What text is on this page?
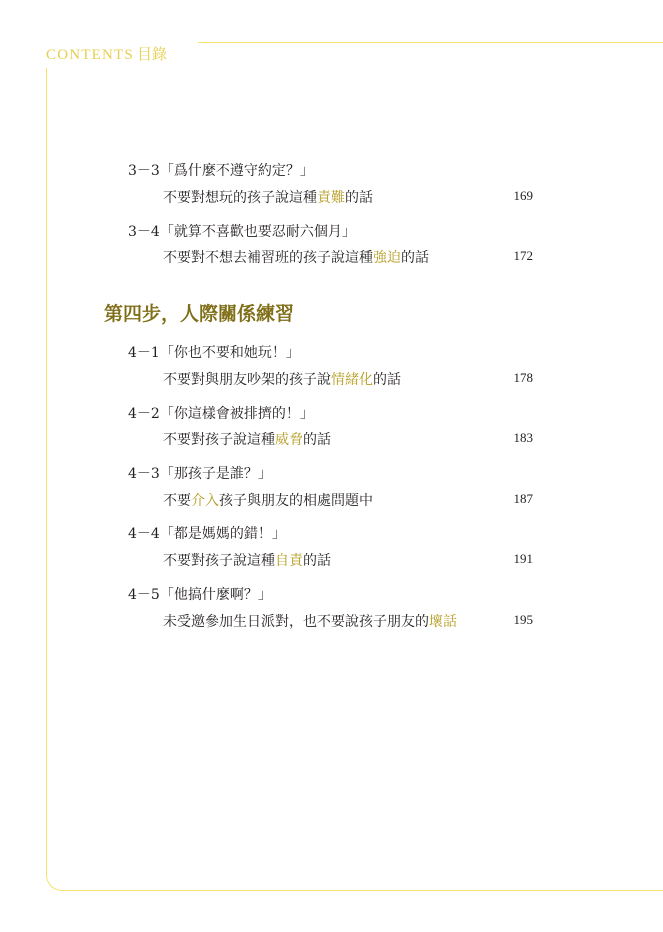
CONTENTS 目錄
3－3「爲什麼不遵守約定？」
不要對想玩的孩子說這種責難的話	169
3－4「就算不喜歡也要忍耐六個月」
不要對不想去補習班的孩子說這種強迫的話	172
第四步，人際關係練習
4－1「你也不要和她玩！」
不要對與朋友吵架的孩子說情緒化的話	178
4－2「你這樣會被排擠的！」
不要對孩子說這種威脅的話	183
4－3「那孩子是誰？」
不要介入孩子與朋友的相處問題中	187
4－4「都是媽媽的錯！」
不要對孩子說這種自責的話	191
4－5「他搞什麼啊？」
未受邀參加生日派對，也不要說孩子朋友的壞話	195
